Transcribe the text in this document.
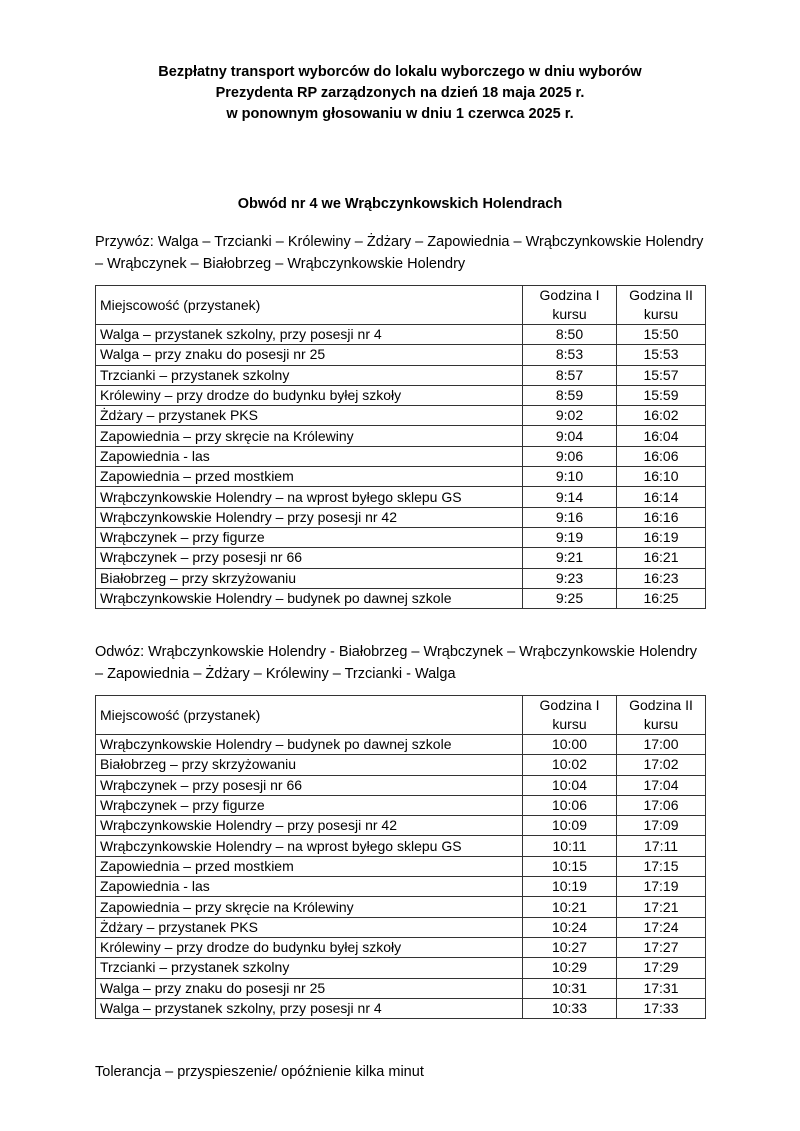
Bezpłatny transport wyborców do lokalu wyborczego w dniu wyborów
Prezydenta RP zarządzonych na dzień 18 maja 2025 r.
w ponownym głosowaniu w dniu 1 czerwca 2025 r.
Obwód nr 4 we Wrąbczynkowskich Holendrach
Przywóz: Walga – Trzcianki – Królewiny – Żdżary – Zapowiednia – Wrąbczynkowskie Holendry – Wrąbczynek – Białobrzeg – Wrąbczynkowskie Holendry
Miejscowość (przystanek)	Godzina I kursu	Godzina II kursu
Walga – przystanek szkolny, przy posesji nr 4	8:50	15:50
Walga – przy znaku do posesji nr 25	8:53	15:53
Trzcianki – przystanek szkolny	8:57	15:57
Królewiny – przy drodze do budynku byłej szkoły	8:59	15:59
Żdżary – przystanek PKS	9:02	16:02
Zapowiednia – przy skręcie na Królewiny	9:04	16:04
Zapowiednia - las	9:06	16:06
Zapowiednia – przed mostkiem	9:10	16:10
Wrąbczynkowskie Holendry – na wprost byłego sklepu GS	9:14	16:14
Wrąbczynkowskie Holendry – przy posesji nr 42	9:16	16:16
Wrąbczynek – przy figurze	9:19	16:19
Wrąbczynek – przy posesji nr 66	9:21	16:21
Białobrzeg – przy skrzyżowaniu	9:23	16:23
Wrąbczynkowskie Holendry – budynek po dawnej szkole	9:25	16:25
Odwóz: Wrąbczynkowskie Holendry - Białobrzeg – Wrąbczynek – Wrąbczynkowskie Holendry – Zapowiednia – Żdżary – Królewiny – Trzcianki - Walga
Miejscowość (przystanek)	Godzina I kursu	Godzina II kursu
Wrąbczynkowskie Holendry – budynek po dawnej szkole	10:00	17:00
Białobrzeg – przy skrzyżowaniu	10:02	17:02
Wrąbczynek – przy posesji nr 66	10:04	17:04
Wrąbczynek – przy figurze	10:06	17:06
Wrąbczynkowskie Holendry – przy posesji nr 42	10:09	17:09
Wrąbczynkowskie Holendry – na wprost byłego sklepu GS	10:11	17:11
Zapowiednia – przed mostkiem	10:15	17:15
Zapowiednia - las	10:19	17:19
Zapowiednia – przy skręcie na Królewiny	10:21	17:21
Żdżary – przystanek PKS	10:24	17:24
Królewiny – przy drodze do budynku byłej szkoły	10:27	17:27
Trzcianki – przystanek szkolny	10:29	17:29
Walga – przy znaku do posesji nr 25	10:31	17:31
Walga – przystanek szkolny, przy posesji nr 4	10:33	17:33
Tolerancja – przyspieszenie/ opóźnienie kilka minut
